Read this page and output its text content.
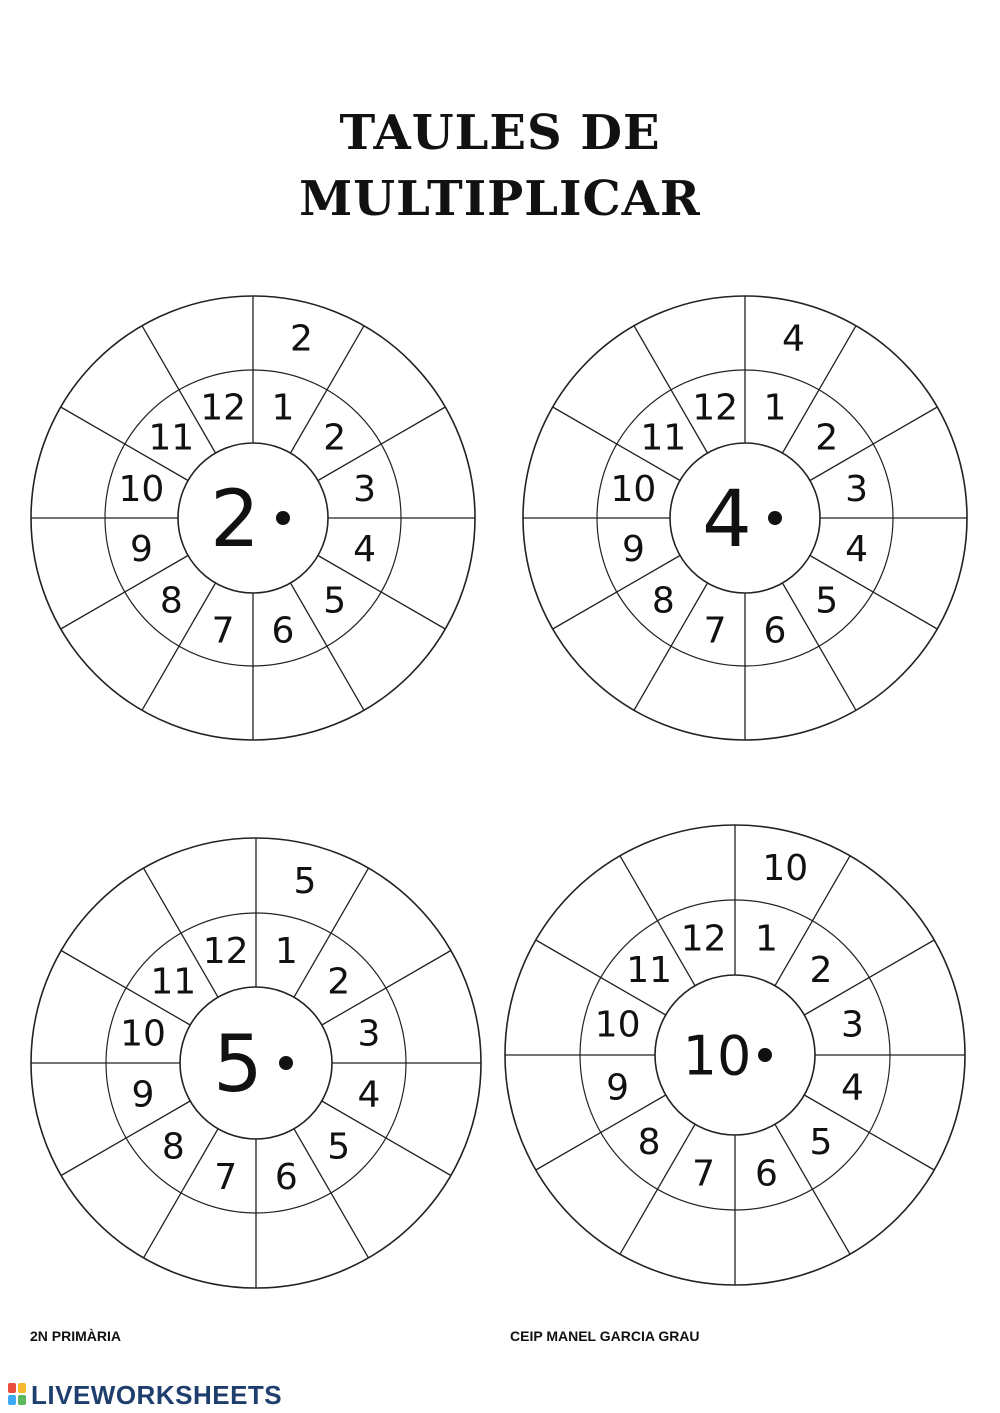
TAULES DE
MULTIPLICAR
2
1
2
3
4
5
6
7
8
9
10
11
12
2
4
1
2
3
4
5
6
7
8
9
10
11
12
4
5
1
2
3
4
5
6
7
8
9
10
11
12
5
10
1
2
3
4
5
6
7
8
9
10
11
12
10
2N PRIMÀRIA	CEIP MANEL GARCIA GRAU
LIVEWORKSHEETS
